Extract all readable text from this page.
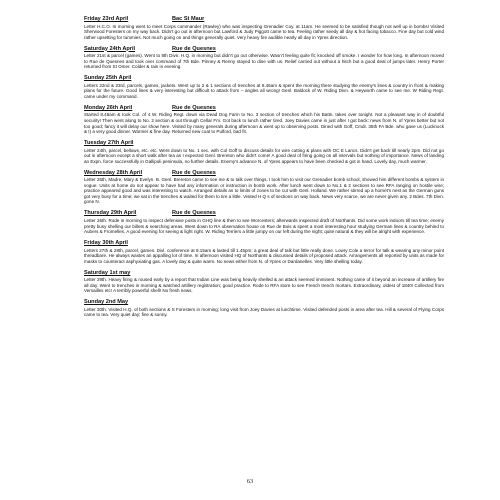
Friday 23rd April	Bac St Maur
Letter H.C.O. In morning went to meet Corps commander (Rawley) who was inspecting Grenadier Coy. at 11am. He seemed to be satisfied though not well up in bombs! Visited Sherwood Foresters on my way back. Didn't go out in afternoon but Lawford & Judy Piggott came to tea. Feeling rather seedy all day & hot facing tobacco. Fine day but cold wind rather upsetting for tummies. Not much going on and things generally quiet. Very heavy fire audible nearly all day in Ypres direction.
Saturday 24th April	Rue de Quesnes
Letter 21st & parcel (games). Went to 8th Divn. H.Q. in morning but didn't go out otherwise. Wasn't feeling quite fit; knocked off smoke. I wonder for how long. In afternoon moved to Rue de Quesnes and took over command of 7th Bde. Pinney & Renny stayed to dine with us. Relief carried out without a hitch but a good deal of jumps later. Henry Porter returned from St Omer. Colder & rain in evening.
Sunday 25th April
Letters 22nd & 23rd, parcels, games, jackets. Went up to 2 & 1 sections of trenches at 8.45am & spent the morning there studying the enemy's lines & country in front & making plans for the future. Good lines & very interesting but difficult to attack from – angles all wrong! Genl. Baldock of W. Riding Divn. & Heyworth came to see me. W Riding Regt. came under my command.
Monday 26th April	Rue de Quesnes
Started 8.45am & took Col. of 4 W. Riding Regt. down via Dead Dog Farm to No. 3 section of trenches which his Battn. takes over tonight. Not a pleasant way in of doubtful security! Then went along to No. 2 section & out through Cellar Fm. Got back to lunch rather tired. Joey Davies came in just after I got back: news from N. of Ypres better but not too good; fancy it will delay our show here. Visited by many generals during afternoon & went up to observing posts. Dined with Goff, Cmdr. 35th FA Bde. who gave us (Lucknock & I) a very good dinner. Warmer & fine day. Returned new coat to Pulford, bad fit.
Tuesday 27th April
Letter 24th, parcel, bellows, etc. etc. Went down to No. 1 sec. with Col Goff to discuss details for wire cutting & plans with OC E Lancs. Didn't get back till nearly 2pm. Did not go out in afternoon except a short walk after tea as I expected Genl. Brereton who didn't come! A good deal of firing going on all intervals but nothing of importance. News of landing an Expn. force successfully in Gallipoli peninsula, no further details. Enemy's advance N. of Ypres appears to have been checked & got in hand. Lovely day, much warmer.
Wednesday 28th April	Rue de Quesnes
Letter 25th, Madre, Mary & Evelyn. B. Genl. Brereton came to see me & to talk over things. I took him to visit our Grenadier bomb school, showed him different bombs & system in vogue. Units at home do not appear to have had any information or instruction in bomb work. After lunch went down to No.1 & 2 sections to see RFA ranging on hostile wire; practice appeared good and was interesting to watch. Arranged details as to limits of zones to be cut with Genl. Holland. We rather stirred up a hornet's nest as the German guns got very busy for a time; we sat in the trenches & waited for them to tire a little. Visited H Q s of sections on way back. News very scarce, we are never given any. 2 Bdes. 7th Divn. gone N.
Thursday 29th April	Rue de Quesnes
Letter 26th. Rode in morning to inspect defensive posts in GHQ line & then to see Worcesters; afterwards inspected draft of Northants. Did some work indoors till tea time; enemy pretty busy shelling our billets & searching areas. Went down to RA observation house on Rue de Bois & spent a most interesting hour studying German lines & country behind to Aubers & Fromelles. A good evening for seeing & light right. W. Riding Terriers a little jumpy on our left during the night; quite natural & they will be alright with experience.
Friday 30th April
Letters 27th & 28th, parcel, games. Divl. conference at 9.15am & lasted till 1.45pm; a great deal of talk but little really done. Lowry Cole a terror for talk & wearing any minor point threadbare. He always wastes an appalling lot of time. In afternoon visited HQ of Northants & discussed details of proposed attack. Arrangements all reported by units as made for masks to counteract asphyxiating gas. A lovely day & quite warm. No news either from N. of Ypres or Dardanelles. Very little shelling today.
Saturday 1st may
Letter 29th. Heavy firing & roused early by a report that Indian Line was being heavily shelled & an attack seemed imminent. Nothing came of it beyond an increase of artillery fire all day. Went to trenches in morning & watched artillery registration; good practice. Rode to RFA store to see French trench mortars. Extraordinary, oldest of 1840! Collected from Versailles etc! A terribly powerful shell! No fresh news.
Sunday 2nd May
Letter 30th. Visited H.Q. of both sections & S Foresters in morning; long visit from Joey Davies at lunchtime. Visited defended posts in area after tea. Hill & several of Flying Corps came to tea. Very quiet day; fine & sunny.
63
